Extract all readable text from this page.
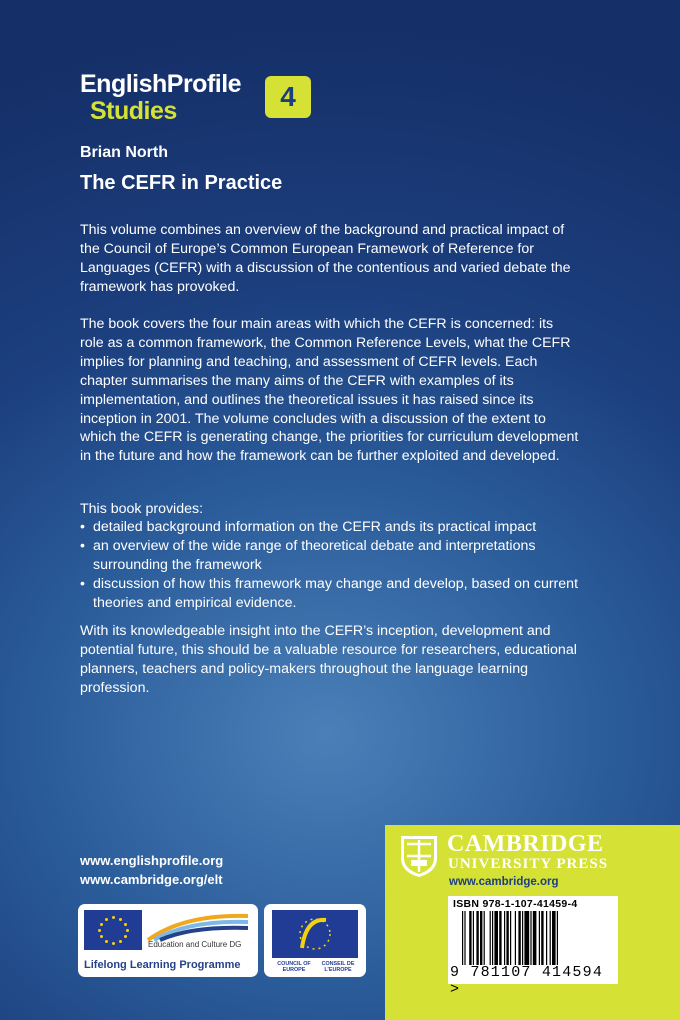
EnglishProfile
Studies	4
Brian North
The CEFR in Practice

This volume combines an overview of the background and practical impact of the Council of Europe’s Common European Framework of Reference for Languages (CEFR) with a discussion of the contentious and varied debate the framework has provoked.

The book covers the four main areas with which the CEFR is concerned: its role as a common framework, the Common Reference Levels, what the CEFR implies for planning and teaching, and assessment of CEFR levels. Each chapter summarises the many aims of the CEFR with examples of its implementation, and outlines the theoretical issues it has raised since its inception in 2001. The volume concludes with a discussion of the extent to which the CEFR is generating change, the priorities for curriculum development in the future and how the framework can be further exploited and developed.

This book provides:
• detailed background information on the CEFR ands its practical impact
• an overview of the wide range of theoretical debate and interpretations surrounding the framework
• discussion of how this framework may change and develop, based on current theories and empirical evidence.

With its knowledgeable insight into the CEFR’s inception, development and potential future, this should be a valuable resource for researchers, educational planners, teachers and policy-makers throughout the language learning profession.

www.englishprofile.org
www.cambridge.org/elt
Education and Culture DG
Lifelong Learning Programme	COUNCIL OF EUROPE
CONSEIL DE L’EUROPE
CAMBRIDGE
UNIVERSITY PRESS
www.cambridge.org
ISBN 978-1-107-41459-4
9 781107 414594 >
